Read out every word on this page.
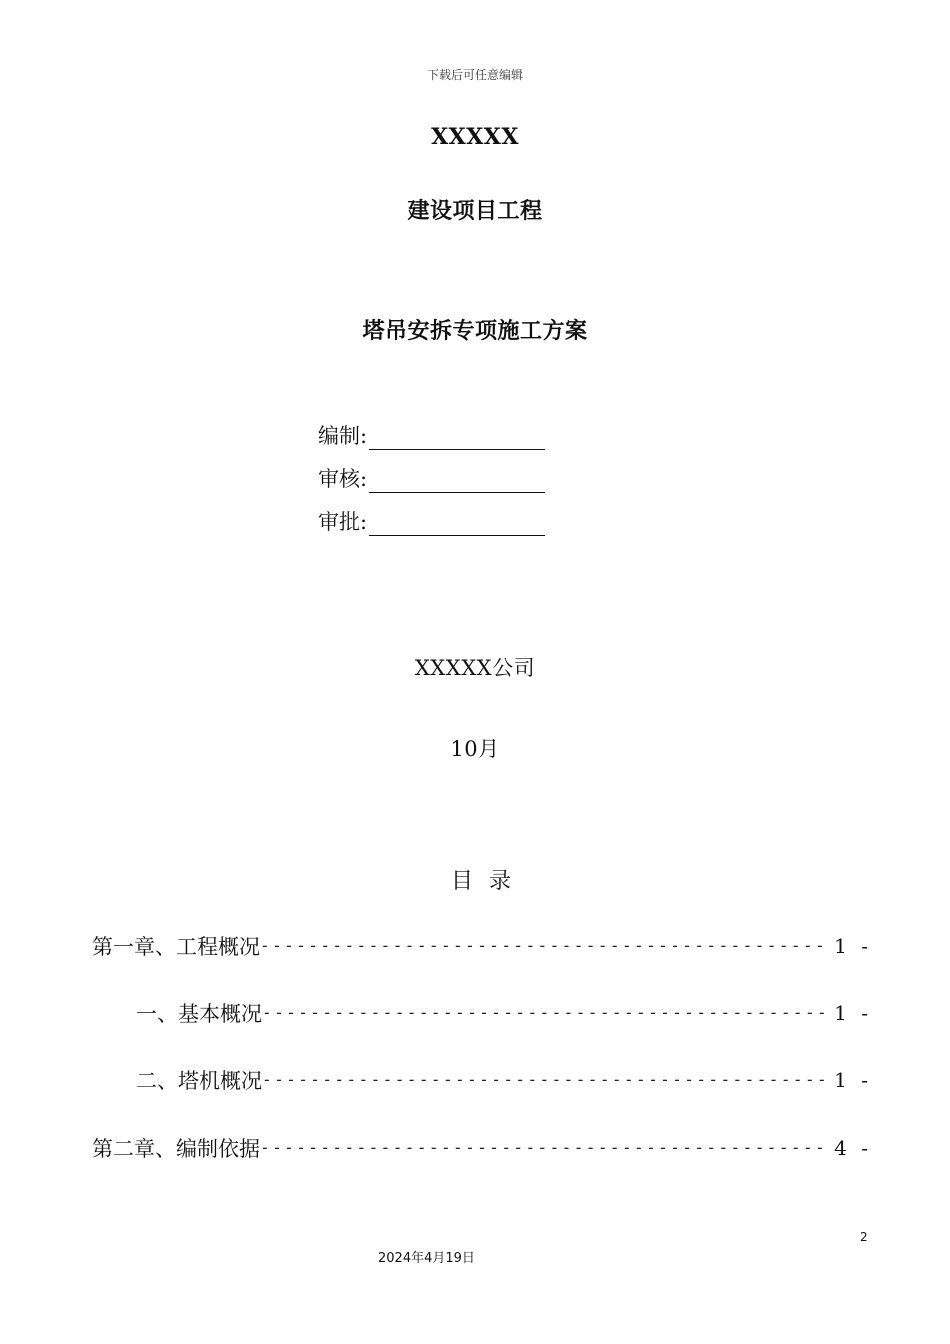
下载后可任意编辑
XXXXX
建设项目工程
塔吊安拆专项施工方案
编制:
审核:
审批:
XXXXX公司
10月
目录
第一章、工程概况 - - -	1 -
一、基本概况 - - -	1 -
二、塔机概况 - - -	1 -
第二章、编制依据 - - -	4 -
2
2024年4月19日
